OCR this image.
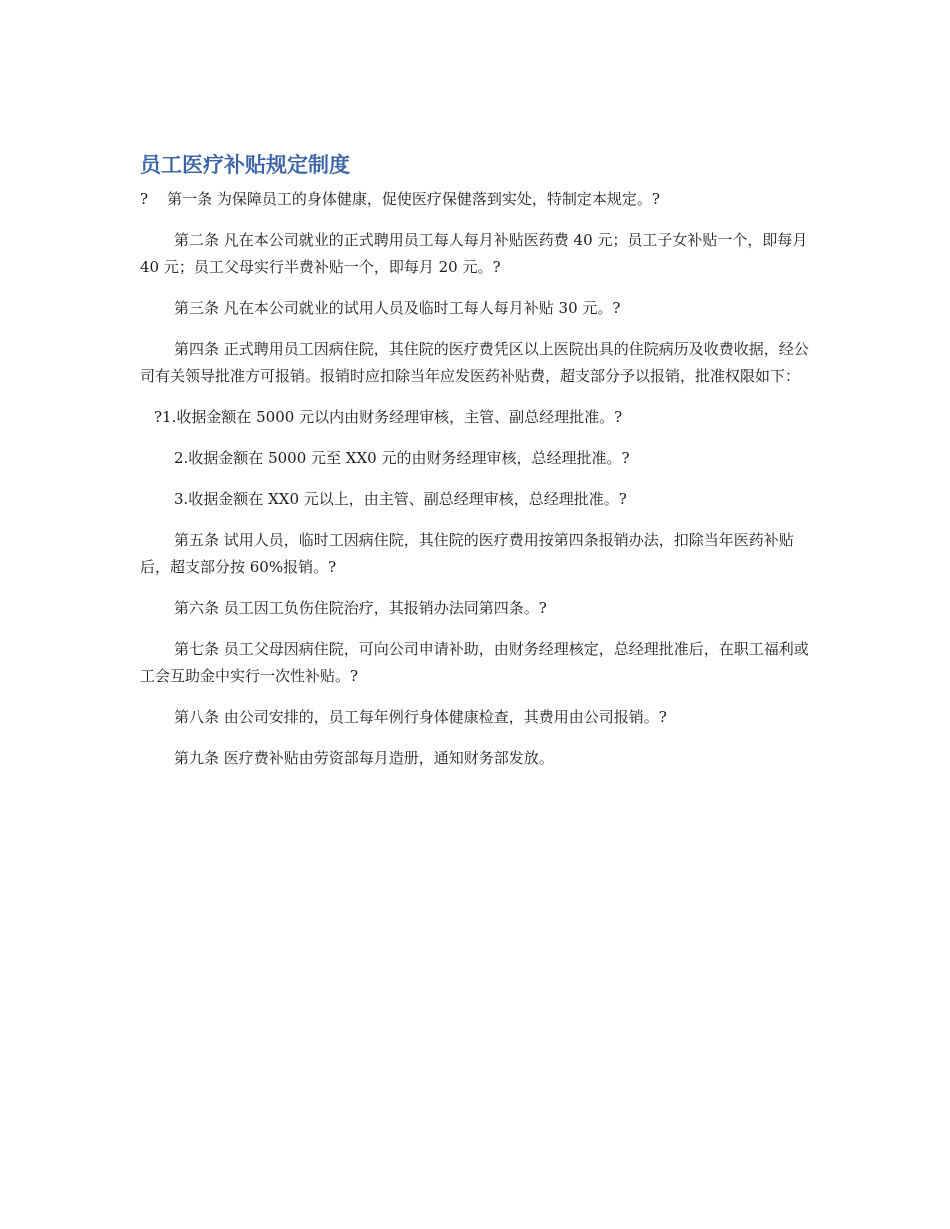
员工医疗补贴规定制度

?    第一条 为保障员工的身体健康，促使医疗保健落到实处，特制定本规定。?

第二条 凡在本公司就业的正式聘用员工每人每月补贴医药费 40 元；员工子女补贴一个，即每月 40 元；员工父母实行半费补贴一个，即每月 20 元。?

第三条 凡在本公司就业的试用人员及临时工每人每月补贴 30 元。?

第四条 正式聘用员工因病住院，其住院的医疗费凭区以上医院出具的住院病历及收费收据，经公司有关领导批准方可报销。报销时应扣除当年应发医药补贴费，超支部分予以报销，批准权限如下：

?1.收据金额在 5000 元以内由财务经理审核，主管、副总经理批准。?

2.收据金额在 5000 元至 XX0 元的由财务经理审核，总经理批准。?

3.收据金额在 XX0 元以上，由主管、副总经理审核，总经理批准。?

第五条 试用人员，临时工因病住院，其住院的医疗费用按第四条报销办法，扣除当年医药补贴后，超支部分按 60%报销。?

第六条 员工因工负伤住院治疗，其报销办法同第四条。?

第七条 员工父母因病住院，可向公司申请补助，由财务经理核定，总经理批准后，在职工福利或工会互助金中实行一次性补贴。?

第八条 由公司安排的，员工每年例行身体健康检查，其费用由公司报销。?

第九条 医疗费补贴由劳资部每月造册，通知财务部发放。
